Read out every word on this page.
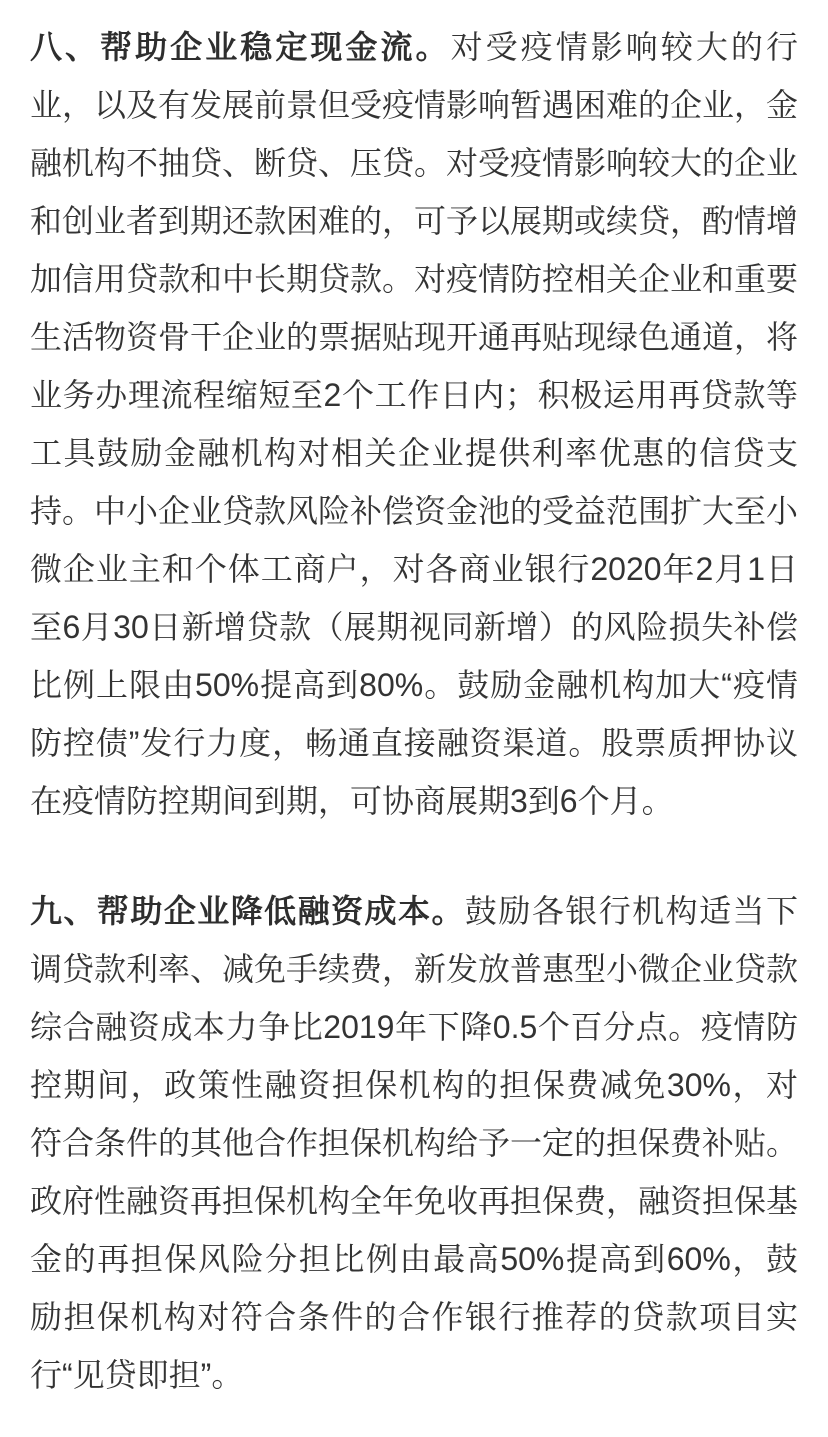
八、帮助企业稳定现金流。对受疫情影响较大的行业，以及有发展前景但受疫情影响暂遇困难的企业，金融机构不抽贷、断贷、压贷。对受疫情影响较大的企业和创业者到期还款困难的，可予以展期或续贷，酌情增加信用贷款和中长期贷款。对疫情防控相关企业和重要生活物资骨干企业的票据贴现开通再贴现绿色通道，将业务办理流程缩短至2个工作日内；积极运用再贷款等工具鼓励金融机构对相关企业提供利率优惠的信贷支持。中小企业贷款风险补偿资金池的受益范围扩大至小微企业主和个体工商户，对各商业银行2020年2月1日至6月30日新增贷款（展期视同新增）的风险损失补偿比例上限由50%提高到80%。鼓励金融机构加大“疫情防控债”发行力度，畅通直接融资渠道。股票质押协议在疫情防控期间到期，可协商展期3到6个月。

九、帮助企业降低融资成本。鼓励各银行机构适当下调贷款利率、减免手续费，新发放普惠型小微企业贷款综合融资成本力争比2019年下降0.5个百分点。疫情防控期间，政策性融资担保机构的担保费减免30%，对符合条件的其他合作担保机构给予一定的担保费补贴。政府性融资再担保机构全年免收再担保费，融资担保基金的再担保风险分担比例由最高50%提高到60%，鼓励担保机构对符合条件的合作银行推荐的贷款项目实行“见贷即担”。
